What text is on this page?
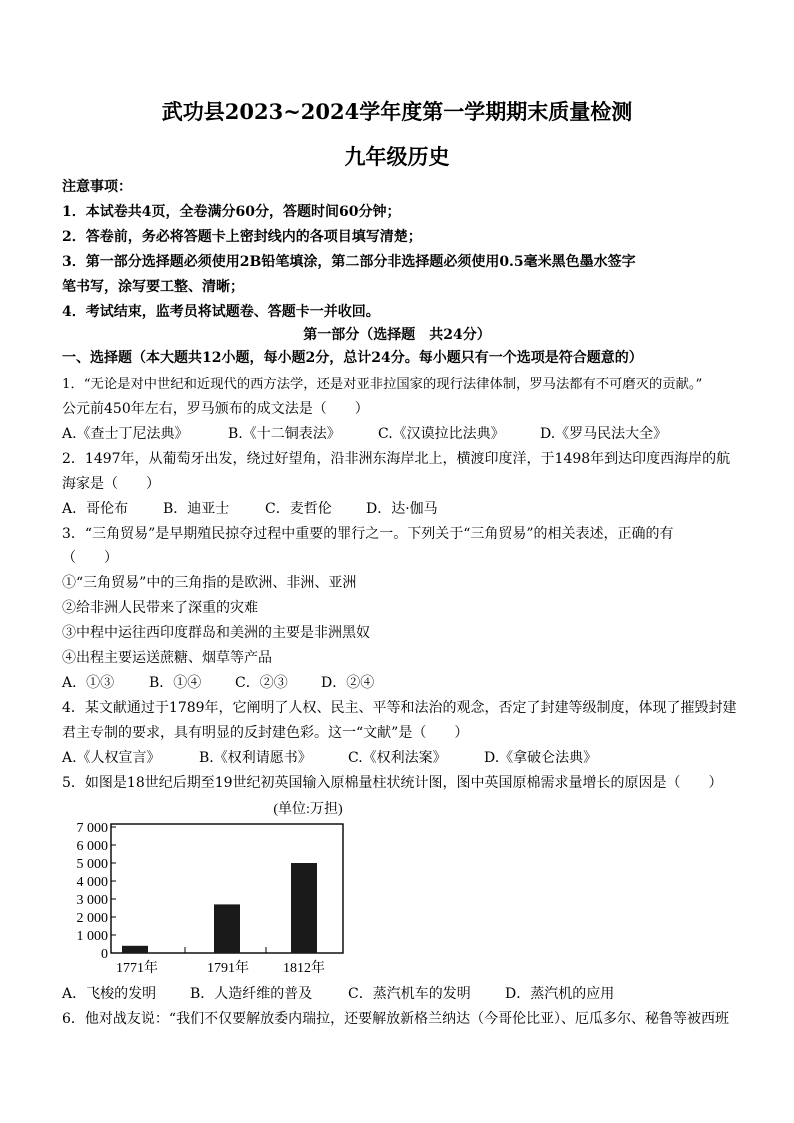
武功县2023~2024学年度第一学期期末质量检测
九年级历史
注意事项：
1．本试卷共4页，全卷满分60分，答题时间60分钟；
2．答卷前，务必将答题卡上密封线内的各项目填写清楚；
3．第一部分选择题必须使用2B铅笔填涂，第二部分非选择题必须使用0.5毫米黑色墨水签字
笔书写，涂写要工整、清晰；
4．考试结束，监考员将试题卷、答题卡一并收回。
第一部分（选择题　共24分）
一、选择题（本大题共12小题，每小题2分，总计24分。每小题只有一个选项是符合题意的）
1．“无论是对中世纪和近现代的西方法学，还是对亚非拉国家的现行法律体制，罗马法都有不可磨灭的贡献。”
公元前450年左右，罗马颁布的成文法是（　　）
A.《查士丁尼法典》	B.《十二铜表法》	C.《汉谟拉比法典》	D.《罗马民法大全》
2．1497年，从葡萄牙出发，绕过好望角，沿非洲东海岸北上，横渡印度洋，于1498年到达印度西海岸的航
海家是（　　）
A．哥伦布 B．迪亚士	C．麦哲伦 D．达·伽马
3．“三角贸易”是早期殖民掠夺过程中重要的罪行之一。下列关于“三角贸易”的相关表述，正确的有
（　　）
①“三角贸易”中的三角指的是欧洲、非洲、亚洲
②给非洲人民带来了深重的灾难
③中程中运往西印度群岛和美洲的主要是非洲黑奴
④出程主要运送蔗糖、烟草等产品
A．①③ B．①④ C．②③ D．②④
4．某文献通过于1789年，它阐明了人权、民主、平等和法治的观念，否定了封建等级制度，体现了摧毁封建
君主专制的要求，具有明显的反封建色彩。这一“文献”是（　　）
A.《人权宣言》	B.《权利请愿书》	C.《权利法案》	D.《拿破仑法典》
5．如图是18世纪后期至19世纪初英国输入原棉量柱状统计图，图中英国原棉需求量增长的原因是（　　）
(单位:万担)
7 000
6 000
5 000
4 000
3 000
2 000
1 000
0
1771年	1791年 1812年
A．飞梭的发明 B．人造纤维的普及	C．蒸汽机车的发明 D．蒸汽机的应用
6．他对战友说：“我们不仅要解放委内瑞拉，还要解放新格兰纳达（今哥伦比亚）、厄瓜多尔、秘鲁等被西班
